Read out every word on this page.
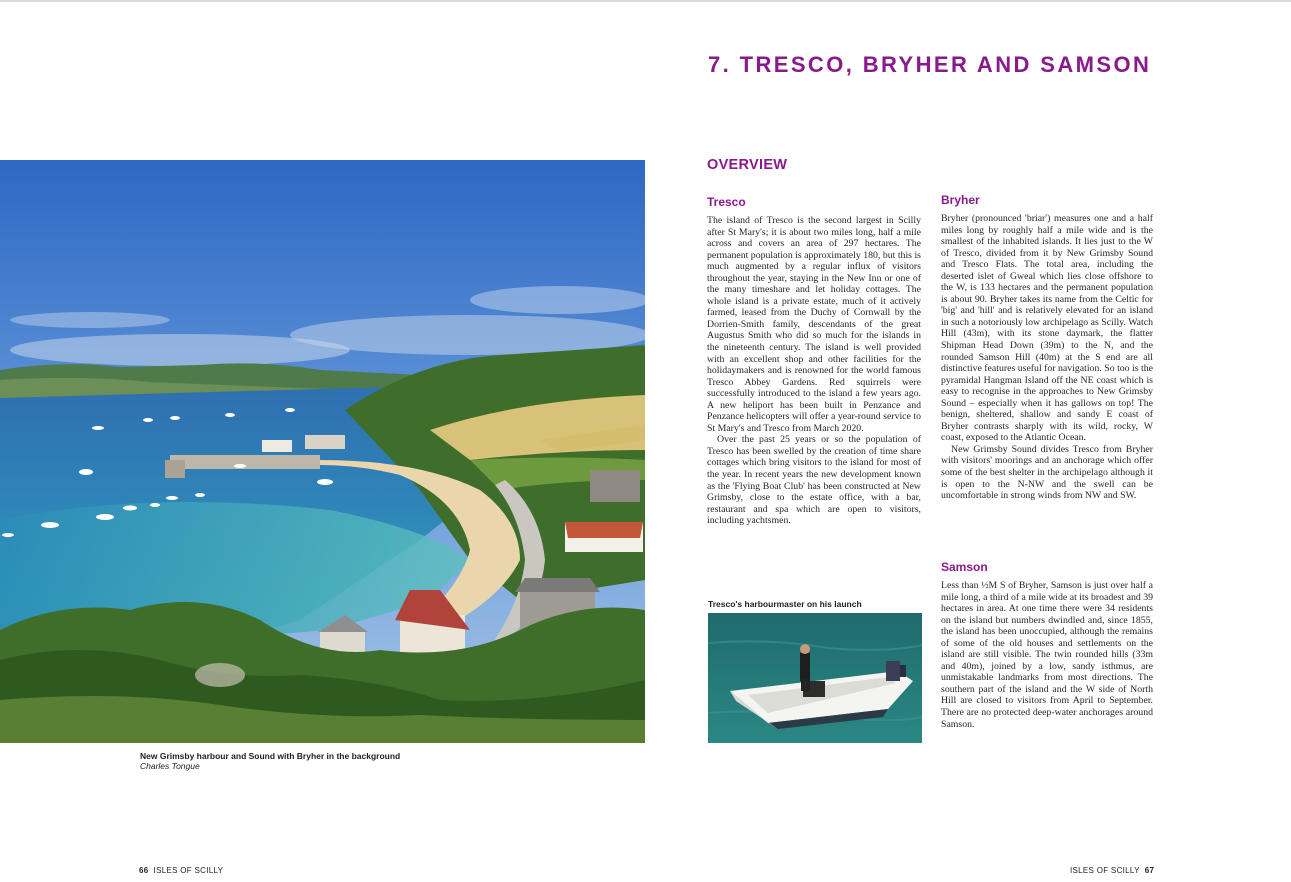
New Grimsby harbour and Sound with Bryher in the background
Charles Tongue
7. TRESCO, BRYHER AND SAMSON
OVERVIEW
Tresco

The island of Tresco is the second largest in Scilly after St Mary's; it is about two miles long, half a mile across and covers an area of 297 hectares. The permanent population is approximately 180, but this is much augmented by a regular influx of visitors throughout the year, staying in the New Inn or one of the many timeshare and let holiday cottages. The whole island is a private estate, much of it actively farmed, leased from the Duchy of Cornwall by the Dorrien-Smith family, descendants of the great Augustus Smith who did so much for the islands in the nineteenth century. The island is well provided with an excellent shop and other facilities for the holidaymakers and is renowned for the world famous Tresco Abbey Gardens. Red squirrels were successfully introduced to the island a few years ago. A new heliport has been built in Penzance and Penzance helicopters will offer a year-round service to St Mary's and Tresco from March 2020.

Over the past 25 years or so the population of Tresco has been swelled by the creation of time share cottages which bring visitors to the island for most of the year. In recent years the new development known as the 'Flying Boat Club' has been constructed at New Grimsby, close to the estate office, with a bar, restaurant and spa which are open to visitors, including yachtsmen.

Tresco's harbourmaster on his launch
Bryher

Bryher (pronounced 'briar') measures one and a half miles long by roughly half a mile wide and is the smallest of the inhabited islands. It lies just to the W of Tresco, divided from it by New Grimsby Sound and Tresco Flats. The total area, including the deserted islet of Gweal which lies close offshore to the W, is 133 hectares and the permanent population is about 90. Bryher takes its name from the Celtic for 'big' and 'hill' and is relatively elevated for an island in such a notoriously low archipelago as Scilly. Watch Hill (43m), with its stone daymark, the flatter Shipman Head Down (39m) to the N, and the rounded Samson Hill (40m) at the S end are all distinctive features useful for navigation. So too is the pyramidal Hangman Island off the NE coast which is easy to recognise in the approaches to New Grimsby Sound – especially when it has gallows on top! The benign, sheltered, shallow and sandy E coast of Bryher contrasts sharply with its wild, rocky, W coast, exposed to the Atlantic Ocean.

New Grimsby Sound divides Tresco from Bryher with visitors' moorings and an anchorage which offer some of the best shelter in the archipelago although it is open to the N-NW and the swell can be uncomfortable in strong winds from NW and SW.

Samson

Less than ½M S of Bryher, Samson is just over half a mile long, a third of a mile wide at its broadest and 39 hectares in area. At one time there were 34 residents on the island but numbers dwindled and, since 1855, the island has been unoccupied, although the remains of some of the old houses and settlements on the island are still visible. The twin rounded hills (33m and 40m), joined by a low, sandy isthmus, are unmistakable landmarks from most directions. The southern part of the island and the W side of North Hill are closed to visitors from April to September. There are no protected deep-water anchorages around Samson.

66 ISLES OF SCILLY	ISLES OF SCILLY 67
